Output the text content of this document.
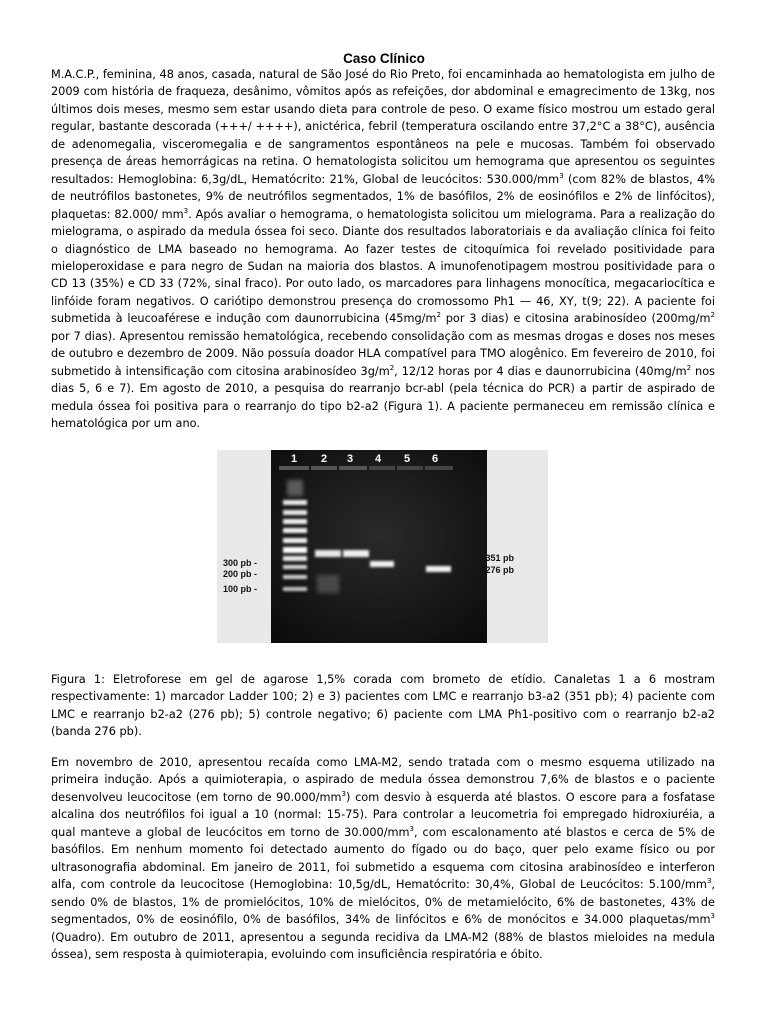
Caso Clínico

M.A.C.P., feminina, 48 anos, casada, natural de São José do Rio Preto, foi encaminhada ao hematologista em julho de 2009 com história de fraqueza, desânimo, vômitos após as refeições, dor abdominal e emagrecimento de 13kg, nos últimos dois meses, mesmo sem estar usando dieta para controle de peso. O exame físico mostrou um estado geral regular, bastante descorada (+++/ ++++), anictérica, febril (temperatura oscilando entre 37,2°C a 38°C), ausência de adenomegalia, visceromegalia e de sangramentos espontâneos na pele e mucosas. Também foi observado presença de áreas hemorrágicas na retina. O hematologista solicitou um hemograma que apresentou os seguintes resultados: Hemoglobina: 6,3g/dL, Hematócrito: 21%, Global de leucócitos: $530.000/mm^3$ (com 82% de blastos, 4% de neutrófilos bastonetes, 9% de neutrófilos segmentados, 1% de basófilos, 2% de eosinófilos e 2% de linfócitos), plaquetas: 82.000/ $mm^3$. Após avaliar o hemograma, o hematologista solicitou um mielograma. Para a realização do mielograma, o aspirado da medula óssea foi seco. Diante dos resultados laboratoriais e da avaliação clínica foi feito o diagnóstico de LMA baseado no hemograma. Ao fazer testes de citoquímica foi revelado positividade para mieloperoxidase e para negro de Sudan na maioria dos blastos. A imunofenotipagem mostrou positividade para o CD 13 (35%) e CD 33 (72%, sinal fraco). Por outo lado, os marcadores para linhagens monocítica, megacariocítica e linfóide foram negativos. O cariótipo demonstrou presença do cromossomo Ph1 — 46, XY, t(9; 22). A paciente foi submetida à leucoaférese e indução com daunorrubicina ($45mg/m^2$ por 3 dias) e citosina arabinosídeo ($200mg/m^2$ por 7 dias). Apresentou remissão hematológica, recebendo consolidação com as mesmas drogas e doses nos meses de outubro e dezembro de 2009. Não possuía doador HLA compatível para TMO alogênico. Em fevereiro de 2010, foi submetido à intensificação com citosina arabinosídeo $3g/m^2$, 12/12 horas por 4 dias e daunorrubicina ($40mg/m^2$ nos dias 5, 6 e 7). Em agosto de 2010, a pesquisa do rearranjo bcr-abl (pela técnica do PCR) a partir de aspirado de medula óssea foi positiva para o rearranjo do tipo b2-a2 (Figura 1). A paciente permaneceu em remissão clínica e hematológica por um ano.

1 2 3 4 5 6
300 pb -
200 pb -
100 pb -
- 351 pb
- 276 pb

Figura 1: Eletroforese em gel de agarose 1,5% corada com brometo de etídio. Canaletas 1 a 6 mostram respectivamente: 1) marcador Ladder 100; 2) e 3) pacientes com LMC e rearranjo b3-a2 (351 pb); 4) paciente com LMC e rearranjo b2-a2 (276 pb); 5) controle negativo; 6) paciente com LMA Ph1-positivo com o rearranjo b2-a2 (banda 276 pb).

Em novembro de 2010, apresentou recaída como LMA-M2, sendo tratada com o mesmo esquema utilizado na primeira indução. Após a quimioterapia, o aspirado de medula óssea demonstrou 7,6% de blastos e o paciente desenvolveu leucocitose (em torno de $90.000/mm^3$) com desvio à esquerda até blastos. O escore para a fosfatase alcalina dos neutrófilos foi igual a 10 (normal: 15-75). Para controlar a leucometria foi empregado hidroxiuréia, a qual manteve a global de leucócitos em torno de $30.000/mm^3$, com escalonamento até blastos e cerca de 5% de basófilos. Em nenhum momento foi detectado aumento do fígado ou do baço, quer pelo exame físico ou por ultrasonografia abdominal. Em janeiro de 2011, foi submetido a esquema com citosina arabinosídeo e interferon alfa, com controle da leucocitose (Hemoglobina: 10,5g/dL, Hematócrito: 30,4%, Global de Leucócitos: $5.100/mm^3$, sendo 0% de blastos, 1% de promielócitos, 10% de mielócitos, 0% de metamielócito, 6% de bastonetes, 43% de segmentados, 0% de eosinófilo, 0% de basófilos, 34% de linfócitos e 6% de monócitos e 34.000 plaquetas/$mm^3$ (Quadro). Em outubro de 2011, apresentou a segunda recidiva da LMA-M2 (88% de blastos mieloides na medula óssea), sem resposta à quimioterapia, evoluindo com insuficiência respiratória e óbito.
